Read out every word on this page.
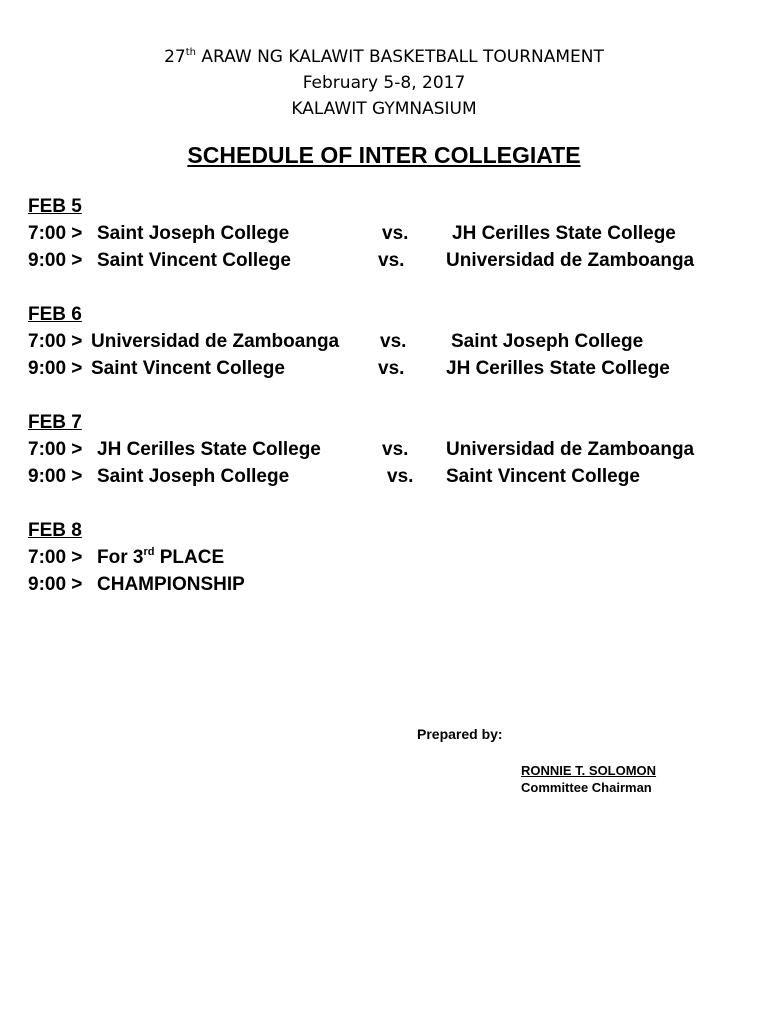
27th ARAW NG KALAWIT BASKETBALL TOURNAMENT
February 5-8, 2017
KALAWIT GYMNASIUM
SCHEDULE OF INTER COLLEGIATE
FEB 5
7:00 > Saint Joseph College	vs. JH Cerilles State College
9:00 > Saint Vincent College	vs. Universidad de Zamboanga
FEB 6
7:00 > Universidad de Zamboanga vs. Saint Joseph College
9:00 > Saint Vincent College	vs. JH Cerilles State College
FEB 7
7:00 > JH Cerilles State College	vs. Universidad de Zamboanga
9:00 > Saint Joseph College	vs. Saint Vincent College
FEB 8
7:00 > For 3rd PLACE
9:00 > CHAMPIONSHIP
Prepared by:
RONNIE T. SOLOMON
Committee Chairman
